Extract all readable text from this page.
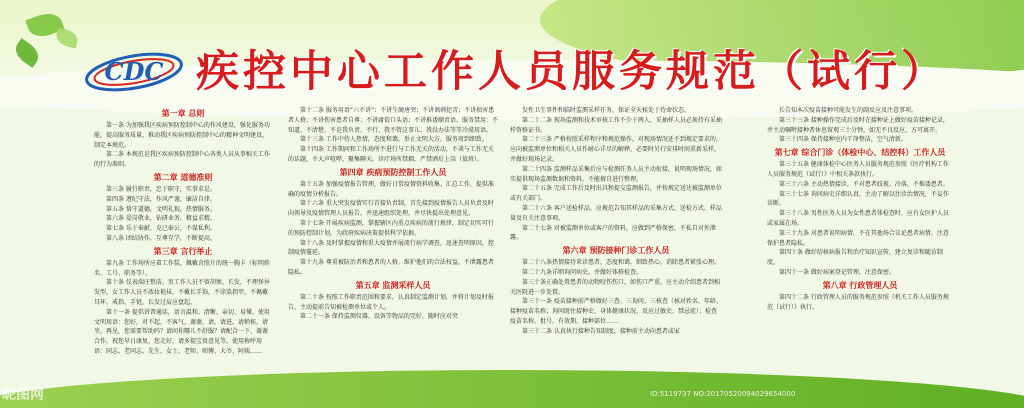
CDC 疾控中心工作人员服务规范（试行）
第一章 总则
第一条 为加强我区疾病预防控制中心的作风建设，强化服务功能，提高服务质量，推动我区疾病预防控制中心的精神文明建设，制定本规范。
第二条 本规范是我区疾病预防控制中心各类人员从事相关工作的行为准则。
第二章 道德准则
第三条 履行职责，忠于职守，实事求是。
第四条 遵纪守法，作风严谨，廉洁自律。
第五条 恪守道德，文明礼貌，热情服务。
第六条 爱岗敬业，钻研业务，精益求精。
第七条 乐于奉献，克己奉公，不谋私利。
第八条 团结协作，互尊互学，不断提高。
第三章 言行举止
第九条 工作场所应着工作装，佩戴含照片的统一胸卡（标明姓名、工号、职务等）。
第十条 仪表端庄整洁。男工作人员不留胡须、长发，不理怪异发型，女工作人员不浓妆艳抹，不戴长手饰，不涂染指甲，不佩戴耳环、戒指、手链，长发过肩应盘起。
第十一条 提倡讲普通话，语言温和、清晰、亲切、易懂。使用文明用语：您好，对不起，不客气，谢谢，请，请进，请稍候，请坐，再见，您需要帮助吗？请问你哪儿不舒服？请配合一下，谢谢合作，祝您早日康复，您走好，请多提宝贵意见等。使用称呼用语：同志、老同志、先生、女士、老师、师傅、大爷、阿姨……
第十二条 服务用语“六不讲”：不讲生硬唐突；不讲讽刺挖苦；不讲损害患者人格；不讲伤害患者自尊；不讲庸俗口头语；不讲推诿顺责语。服务禁用：不知道、不清楚、不是我负责、不行、我不管这事儿、我没办法等等冷漠用语。
第十三条 工作中待人热情，态度和蔼，举止文明大方，服务周到细致。
第十四条 工作期间和工作场所不进行与工作无关的活动，不谈与工作无关的话题，不大声喧哗，聚集聊天。诊疗场所禁烟，严禁酒后上岗（值班）。
第四章 疾病预防控制工作人员
第十五条 加强疫情报告管理，做好日常疫情资料收集、汇总工作，提供准确的疫情分析报告。
第十六条 重大突发疫情实行首接负责制，首先接到疫情报告人员负责及时向领导及疫情管理人员报告，并迅速组织处理，并尽快提出处理意见。
第十七条 开展疾病监测，掌握辖区内重点疾病的流行规律，制定切实可行的预防控制计划，为政府疾病决策提供科学依据。
第十八条 及时掌握疫情和重大疫情并展流行病学调查，迅速查明原因，控制疫情蔓延。
第十九条 尊重被防治者和患者的人格，维护他们的合法权益，不泄露患者隐私。
第五章 监测采样人员
第二十条 按照工作职责范围和要求，认真制定监测计划，并将计划及时报告，主动提前告知被检测单位或个人。
第二十一条 保持监测仪器、设备等物品的完好，随时应对突
发性卫生事件和临时监测采样任务，保证全天候处于待命状态。
第二十二条 现场监测和技术审核工作不少于两人，采抽样人员必须持有采抽样资格证书。
第二十三条 严格按照采样程序和规范操作。对现场情况还不到规定要求的，应向被监测单位和相关人员作耐心详尽的解释，必要时另行安排时间重新采样，并做好现场记录。
第二十四条 监测样品采集后应与检测任务人员主动衔接，说明现场情况，如实提供现场监测数据和资料，不能擅自进行整理。
第二十五条 完成工作后及时出具和提交监测报告，并按规定送达被监测单位或有关部门。
第二十六条 客户送检样品，应规范告知其样品的采集方式、送检方式、样品量及有关注意事项。
第二十七条 对被监测单位或客户的资料，应做到严格保密，不私自对外泄露。
第六章 预防接种门诊工作人员
第二十八条热情接待来诊患者，态度和蔼，细致热心，消除患者紧张心理。
第二十九条详细询问病史，并做好体格检查。
第三十条正确处置患者的动物咬伤伤口，如伤口严重，应主动介绍患者到相关医院进一步处置。
第三十一条 疫苗接种前严格做好三查、三询问、三核查（核对姓名、年龄、接种疫苗名称；询问既往接种史、身体健康状况、反应过敏史、禁忌症）；检查疫苗名称、批号、有效期、接种部位……
第三十二条 认真执行接种告知制度，接种前主动向患者或家
长告知本次疫苗接种可能发生的副反应及注意事项。
第三十三条 接种操作完成后及时在接种证上做好疫苗接种记录，并主动嘱咐接种者休息留观三十分钟，如无不良反应，方可离开。
第三十四条 保持接种室内干净整洁，空气清新。
第七章 综合门诊（体检中心、结控科）工作人员
第三十五条 健康体检中心医务人员服务规范参照《医疗机构工作人员服务规范（试行）》中相关条款执行。
第三十六条 主动热情接诊，不对患者歧视、冷落，不推诿患者。
第三十七条 询问病史详细认真，主动了解以往诊治情况，不妄作诊断。
第三十八条 男性医务人员为女性患者体检查时，应有女医护人员或家属在场。
第三十九条 对患者说明病情，不在其他场合议论患者病情，注意保护患者隐私。
第四十条 做好结核病报告和治疗知识宣传，建立复诊和随访制度。
第四十一条 做好病案登记管理，注意保密。
第八章 行政管理人员
第四十二条 行政管理人员的服务规范参照《机关工作人员服务规范（试行）》执行。
昵图网	ID:5119737 NO:20170520094029654000
